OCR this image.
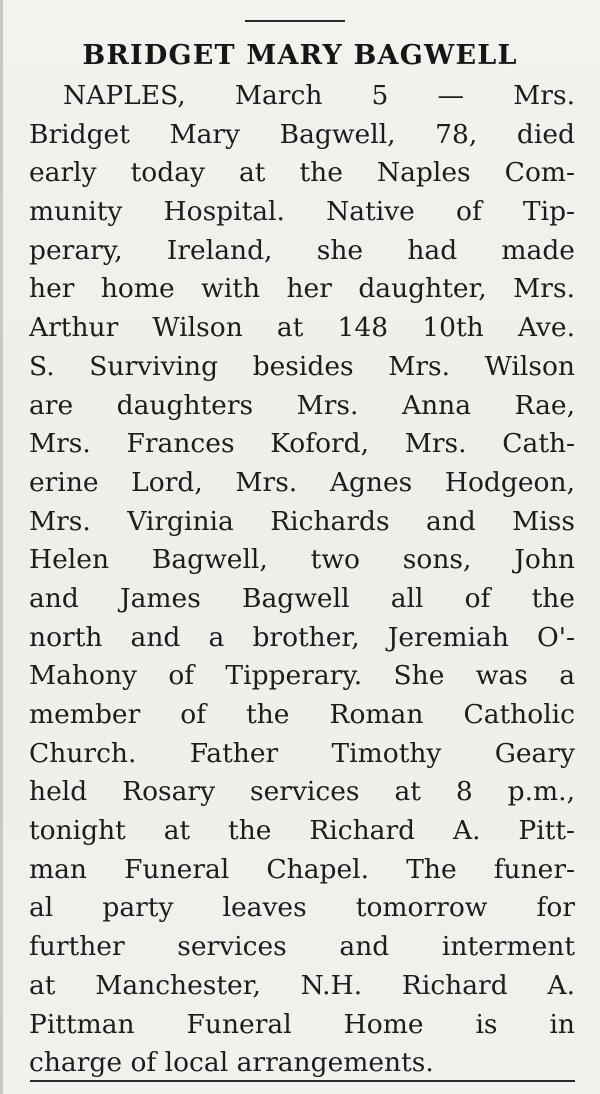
BRIDGET MARY BAGWELL
NAPLES, March 5 — Mrs.
Bridget Mary Bagwell, 78, died
early today at the Naples Com-
munity Hospital. Native of Tip-
perary, Ireland, she had made
her home with her daughter, Mrs.
Arthur Wilson at 148 10th Ave.
S. Surviving besides Mrs. Wilson
are daughters Mrs. Anna Rae,
Mrs. Frances Koford, Mrs. Cath-
erine Lord, Mrs. Agnes Hodgeon,
Mrs. Virginia Richards and Miss
Helen Bagwell, two sons, John
and James Bagwell all of the
north and a brother, Jeremiah O'-
Mahony of Tipperary. She was a
member of the Roman Catholic
Church. Father Timothy Geary
held Rosary services at 8 p.m.,
tonight at the Richard A. Pitt-
man Funeral Chapel. The funer-
al party leaves tomorrow for
further services and interment
at Manchester, N.H. Richard A.
Pittman Funeral Home is in
charge of local arrangements.
